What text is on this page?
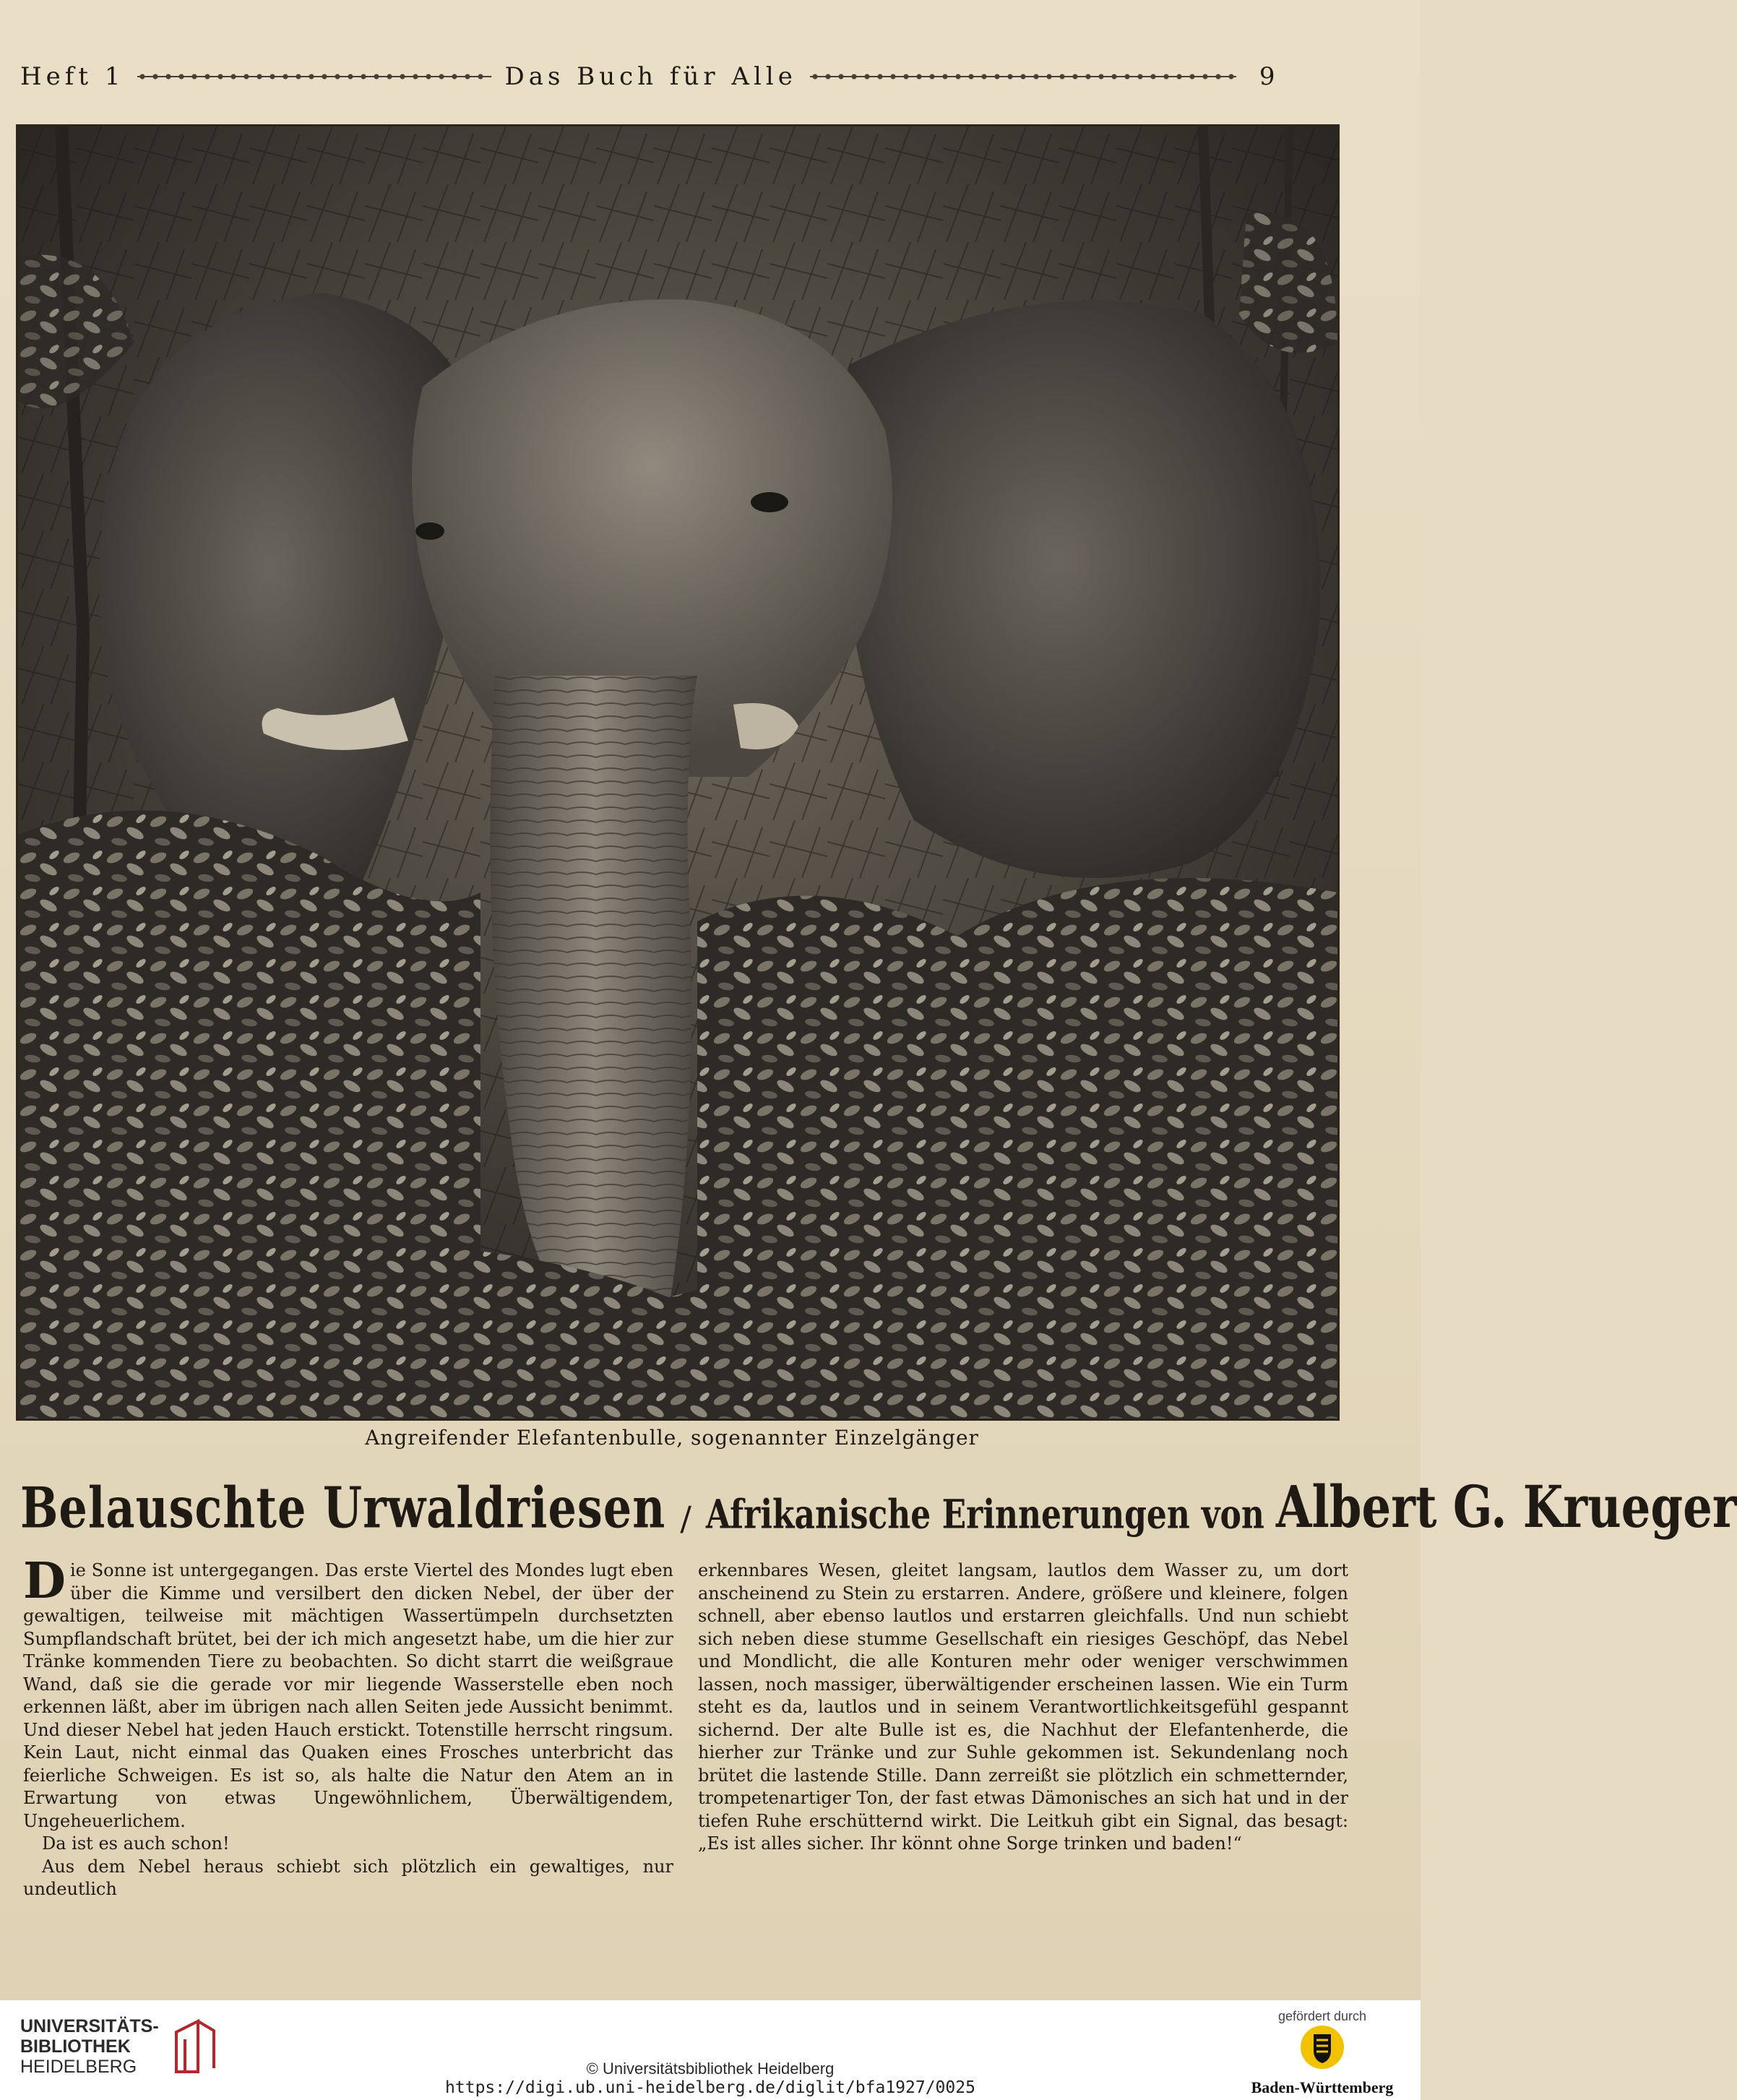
Heft 1	Das Buch für Alle	9
Angreifender Elefantenbulle, sogenannter Einzelgänger
Belauschte Urwaldriesen / Afrikanische Erinnerungen von Albert G. Krueger

Die Sonne ist untergegangen. Das erste Viertel des Mondes lugt eben über die Kimme und versilbert den dicken Nebel, der über der gewaltigen, teilweise mit mächtigen Wassertümpeln durchsetzten Sumpflandschaft brütet, bei der ich mich angesetzt habe, um die hier zur Tränke kommenden Tiere zu beobachten. So dicht starrt die weißgraue Wand, daß sie die gerade vor mir liegende Wasserstelle eben noch erkennen läßt, aber im übrigen nach allen Seiten jede Aussicht benimmt. Und dieser Nebel hat jeden Hauch erstickt. Totenstille herrscht ringsum. Kein Laut, nicht einmal das Quaken eines Frosches unterbricht das feierliche Schweigen. Es ist so, als halte die Natur den Atem an in Erwartung von etwas Ungewöhnlichem, Überwältigendem, Ungeheuerlichem.

Da ist es auch schon!

Aus dem Nebel heraus schiebt sich plötzlich ein gewaltiges, nur undeutlich

erkennbares Wesen, gleitet langsam, lautlos dem Wasser zu, um dort anscheinend zu Stein zu erstarren. Andere, größere und kleinere, folgen schnell, aber ebenso lautlos und erstarren gleichfalls. Und nun schiebt sich neben diese stumme Gesellschaft ein riesiges Geschöpf, das Nebel und Mondlicht, die alle Konturen mehr oder weniger verschwimmen lassen, noch massiger, überwältigender erscheinen lassen. Wie ein Turm steht es da, lautlos und in seinem Verantwortlichkeitsgefühl gespannt sichernd. Der alte Bulle ist es, die Nachhut der Elefantenherde, die hierher zur Tränke und zur Suhle gekommen ist. Sekundenlang noch brütet die lastende Stille. Dann zerreißt sie plötzlich ein schmetternder, trompetenartiger Ton, der fast etwas Dämonisches an sich hat und in der tiefen Ruhe erschütternd wirkt. Die Leitkuh gibt ein Signal, das besagt: „Es ist alles sicher. Ihr könnt ohne Sorge trinken und baden!“

UNIVERSITÄTS-
BIBLIOTHEK
HEIDELBERG	© Universitätsbibliothek Heidelberg
https://digi.ub.uni-heidelberg.de/diglit/bfa1927/0025
gefördert durch
Baden-Württemberg
